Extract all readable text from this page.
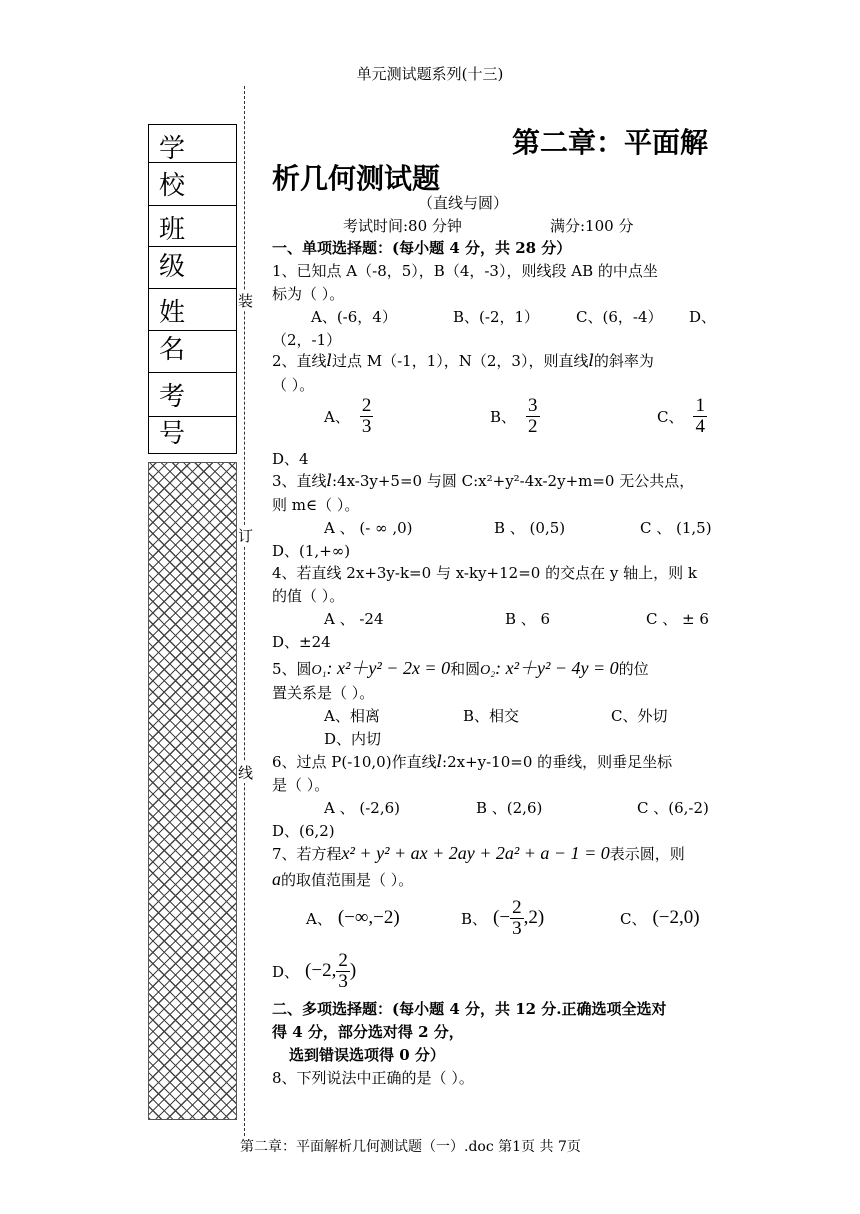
单元测试题系列(十三)
第二章：平面解析几何测试题（一）.doc 第1页 共 7页
学 校
班 级
姓 名
考 号
装
订
线
第二章：平面解
析几何测试题
（直线与圆）
考试时间:80 分钟	满分:100 分
一、单项选择题：(每小题 4 分，共 28 分）
1、已知点 A（-8，5），B（4，-3），则线段 AB 的中点坐
标为（ ）。
A、(-6，4）	B、(-2，1） C、(6，-4） D、
（2，-1）
2、直线l过点 M（-1，1），N（2，3），则直线l的斜率为
（ ）。
A、 $\frac{2}{3}$	B、 $\frac{3}{2}$	C、 $\frac{1}{4}$
D、4
3、直线l:4x-3y+5=0 与圆 C:x²+y²-4x-2y+m=0 无公共点，
则 m∈（ ）。
A 、 (- ∞ ,0)	B 、 (0,5)	C 、 (1,5)
D、(1,+∞)
4、若直线 2x+3y-k=0 与 x-ky+12=0 的交点在 y 轴上，则 k
的值（ ）。
A 、 -24	B 、 6	C 、 ± 6
D、±24
5、圆O₁: x²＋y² − 2x = 0和圆O₂: x²＋y² − 4y = 0的位
置关系是（ ）。
A、相离	B、相交	C、外切
D、内切
6、过点 P(-10,0)作直线l:2x+y-10=0 的垂线，则垂足坐标
是（ ）。
A 、 (-2,6)	B 、(2,6)	C 、(6,-2)
D、(6,2)
7、若方程x² + y² + ax + 2ay + 2a² + a − 1 = 0表示圆，则
a的取值范围是（ ）。
A、 (−∞,−2)	B、 (− $\frac{2}{3} ,2$)	C、 (−2,0)
D、 (−2, $\frac{2}{3}$ )
二、多项选择题：(每小题 4 分，共 12 分.正确选项全选对
得 4 分，部分选对得 2 分，
选到错误选项得 0 分）
8、下列说法中正确的是（ ）。
